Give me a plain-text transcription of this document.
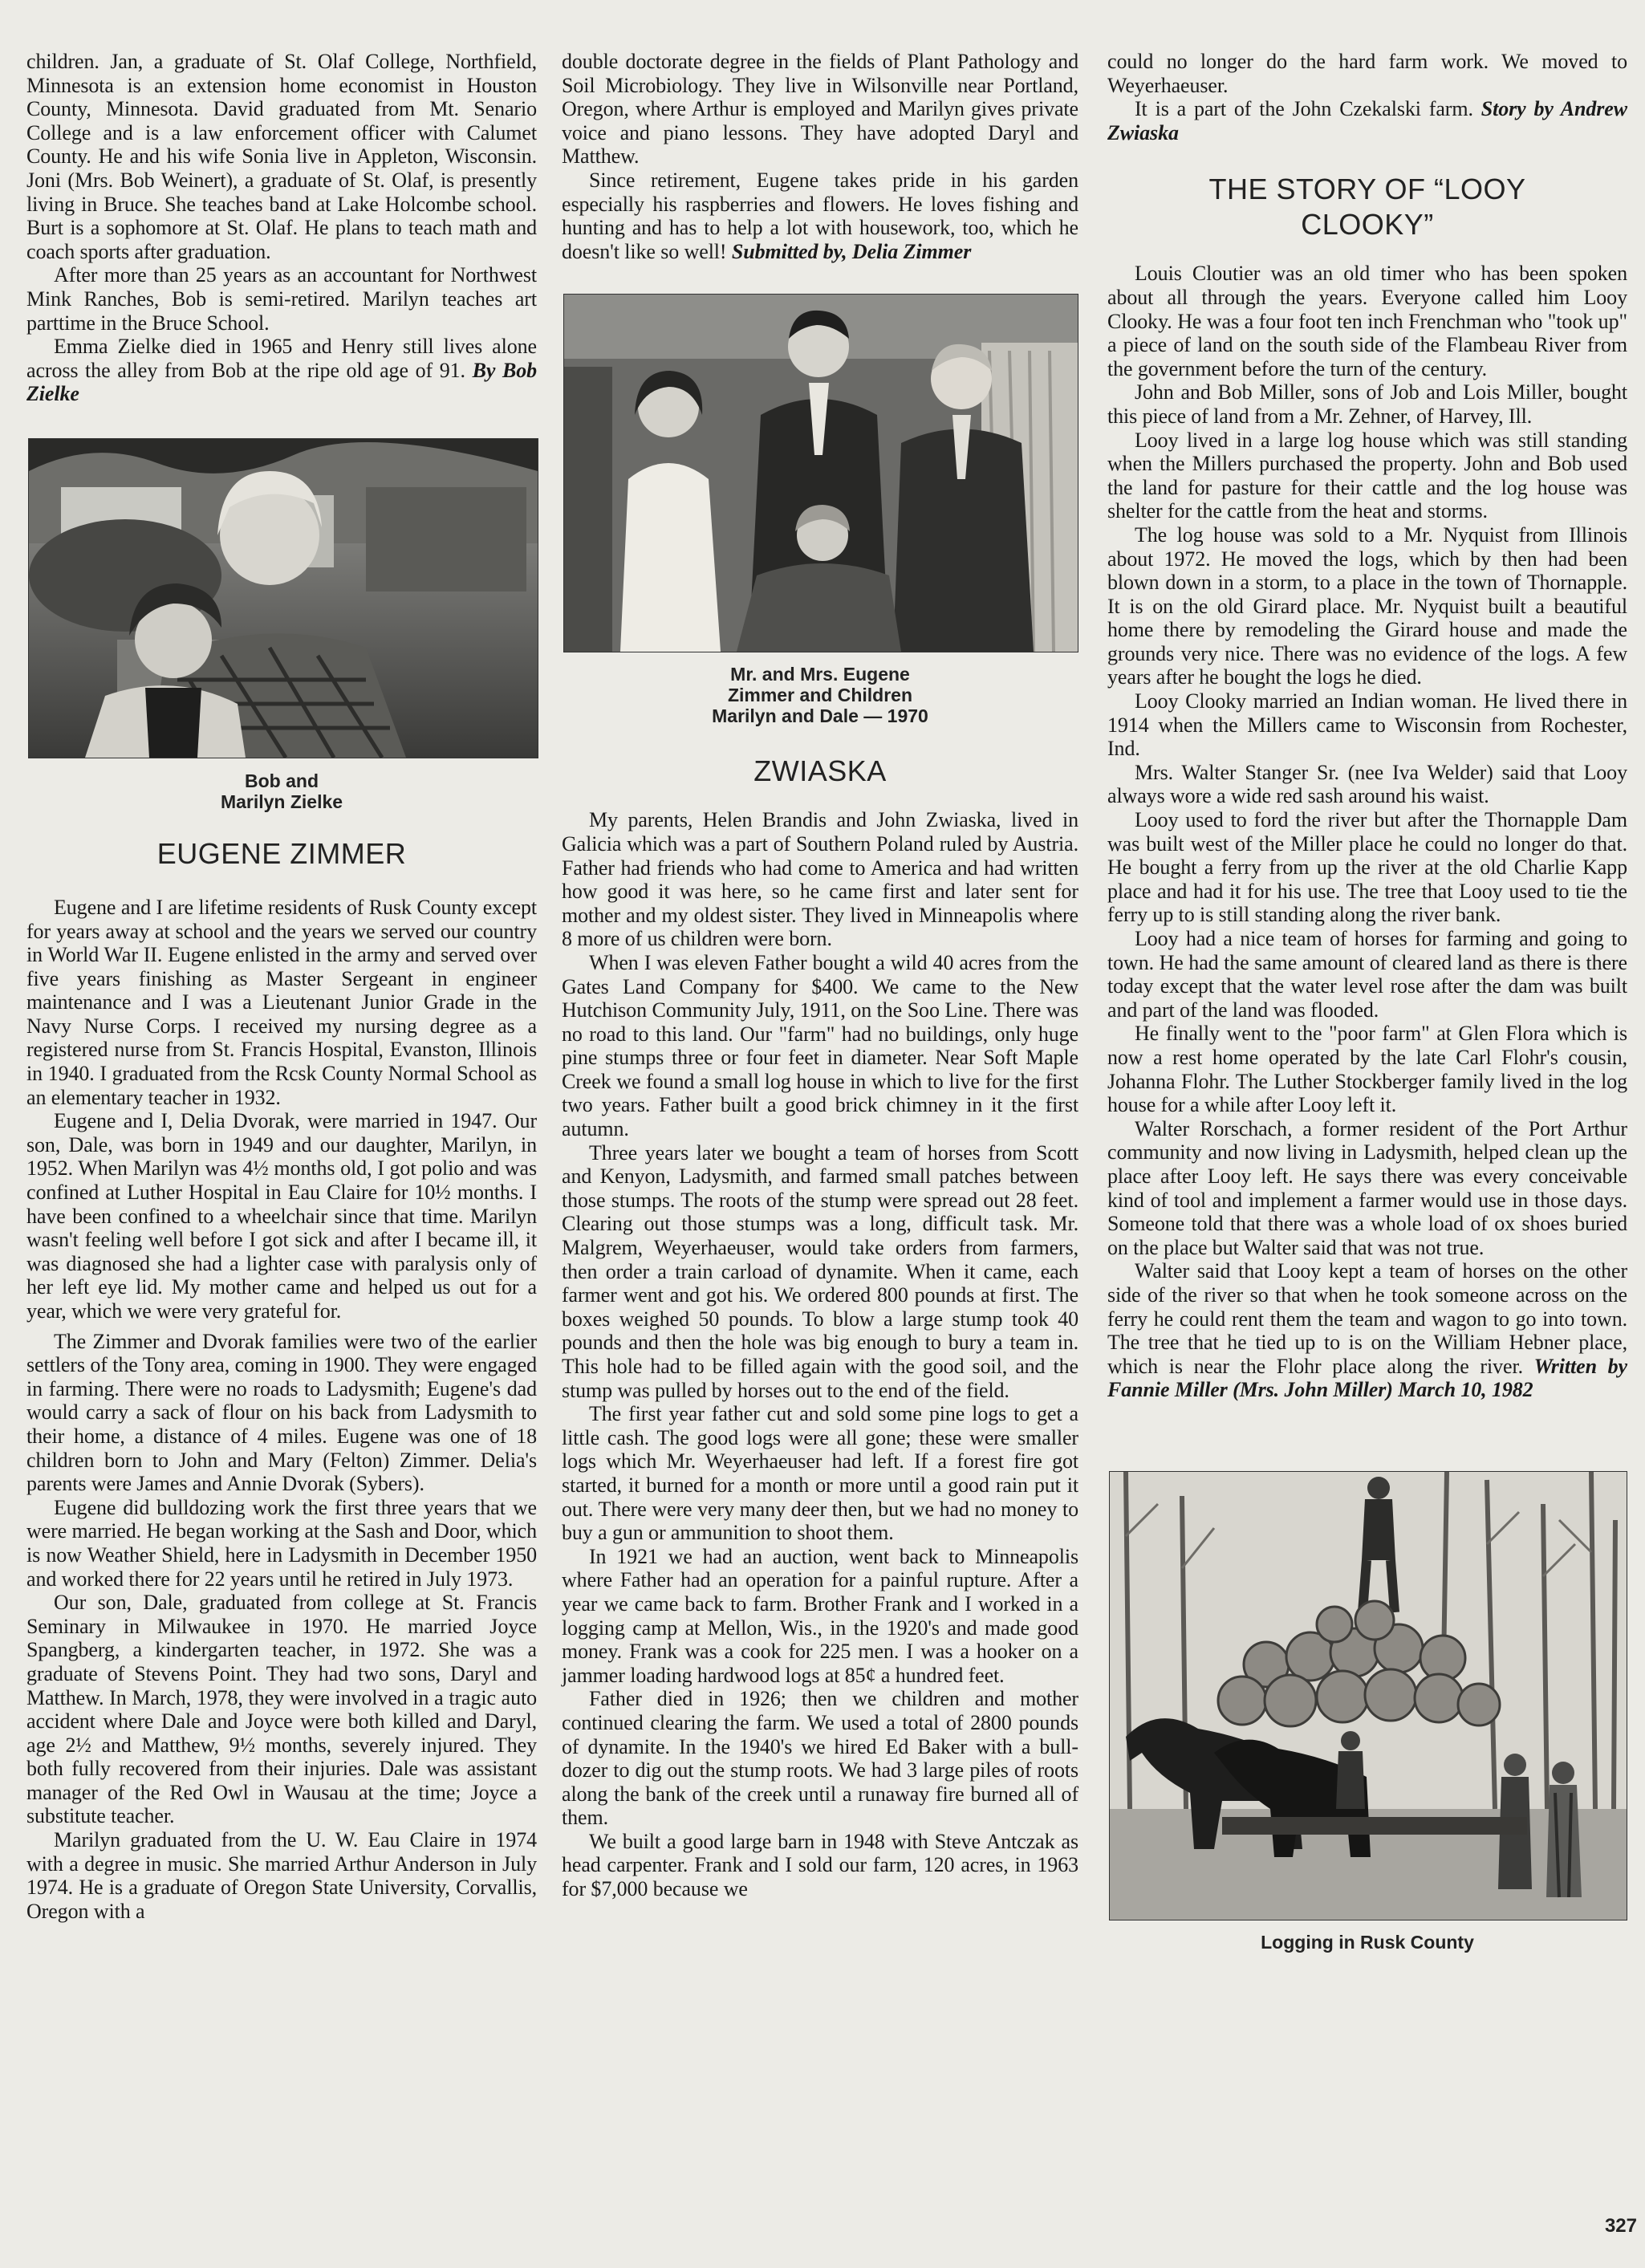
children. Jan, a graduate of St. Olaf College, Northfield, Minnesota is an extension home economist in Houston County, Minnesota. David graduated from Mt. Senario College and is a law enforcement officer with Calumet County. He and his wife Sonia live in Appleton, Wisconsin. Joni (Mrs. Bob Weinert), a graduate of St. Olaf, is presently living in Bruce. She teaches band at Lake Holcombe school. Burt is a sophomore at St. Olaf. He plans to teach math and coach sports after graduation.

After more than 25 years as an accountant for Northwest Mink Ranches, Bob is semi-retired. Marilyn teaches art parttime in the Bruce School.

Emma Zielke died in 1965 and Henry still lives alone across the alley from Bob at the ripe old age of 91. By Bob Zielke

Bob and
Marilyn Zielke
EUGENE ZIMMER

Eugene and I are lifetime residents of Rusk County except for years away at school and the years we served our country in World War II. Eugene enlisted in the army and served over five years finishing as Master Sergeant in engineer maintenance and I was a Lieutenant Junior Grade in the Navy Nurse Corps. I received my nursing degree as a registered nurse from St. Francis Hospital, Evanston, Illinois in 1940. I graduated from the Rcsk County Normal School as an elementary teacher in 1932.

Eugene and I, Delia Dvorak, were married in 1947. Our son, Dale, was born in 1949 and our daughter, Marilyn, in 1952. When Marilyn was 4½ months old, I got polio and was confined at Luther Hospital in Eau Claire for 10½ months. I have been confined to a wheelchair since that time. Marilyn wasn't feeling well before I got sick and after I became ill, it was diagnosed she had a lighter case with paralysis only of her left eye lid. My mother came and helped us out for a year, which we were very grateful for.

The Zimmer and Dvorak families were two of the earlier settlers of the Tony area, coming in 1900. They were engaged in farming. There were no roads to Ladysmith; Eugene's dad would carry a sack of flour on his back from Ladysmith to their home, a distance of 4 miles. Eugene was one of 18 children born to John and Mary (Felton) Zimmer. Delia's parents were James and Annie Dvorak (Sybers).

Eugene did bulldozing work the first three years that we were married. He began working at the Sash and Door, which is now Weather Shield, here in Ladysmith in December 1950 and worked there for 22 years until he retired in July 1973.

Our son, Dale, graduated from college at St. Francis Seminary in Milwaukee in 1970. He married Joyce Spangberg, a kindergarten teacher, in 1972. She was a graduate of Stevens Point. They had two sons, Daryl and Matthew. In March, 1978, they were involved in a tragic auto accident where Dale and Joyce were both killed and Daryl, age 2½ and Matthew, 9½ months, severely injured. They both fully recovered from their injuries. Dale was assistant manager of the Red Owl in Wausau at the time; Joyce a substitute teacher.

Marilyn graduated from the U. W. Eau Claire in 1974 with a degree in music. She married Arthur Anderson in July 1974. He is a graduate of Oregon State University, Corvallis, Oregon with a

double doctorate degree in the fields of Plant Pathology and Soil Microbiology. They live in Wilsonville near Portland, Oregon, where Arthur is employed and Marilyn gives private voice and piano lessons. They have adopted Daryl and Matthew.

Since retirement, Eugene takes pride in his garden especially his raspberries and flowers. He loves fishing and hunting and has to help a lot with housework, too, which he doesn't like so well! Submitted by, Delia Zimmer

Mr. and Mrs. Eugene
Zimmer and Children
Marilyn and Dale — 1970
ZWIASKA

My parents, Helen Brandis and John Zwiaska, lived in Galicia which was a part of Southern Poland ruled by Austria. Father had friends who had come to America and had written how good it was here, so he came first and later sent for mother and my oldest sister. They lived in Minneapolis where 8 more of us children were born.

When I was eleven Father bought a wild 40 acres from the Gates Land Company for $400. We came to the New Hutchison Community July, 1911, on the Soo Line. There was no road to this land. Our "farm" had no buildings, only huge pine stumps three or four feet in diameter. Near Soft Maple Creek we found a small log house in which to live for the first two years. Father built a good brick chimney in it the first autumn.

Three years later we bought a team of horses from Scott and Kenyon, Ladysmith, and farmed small patches between those stumps. The roots of the stump were spread out 28 feet. Clearing out those stumps was a long, difficult task. Mr. Malgrem, Weyerhaeuser, would take orders from farmers, then order a train carload of dynamite. When it came, each farmer went and got his. We ordered 800 pounds at first. The boxes weighed 50 pounds. To blow a large stump took 40 pounds and then the hole was big enough to bury a team in. This hole had to be filled again with the good soil, and the stump was pulled by horses out to the end of the field.

The first year father cut and sold some pine logs to get a little cash. The good logs were all gone; these were smaller logs which Mr. Weyerhaeuser had left. If a forest fire got started, it burned for a month or more until a good rain put it out. There were very many deer then, but we had no money to buy a gun or ammunition to shoot them.

In 1921 we had an auction, went back to Minneapolis where Father had an operation for a painful rupture. After a year we came back to farm. Brother Frank and I worked in a logging camp at Mellon, Wis., in the 1920's and made good money. Frank was a cook for 225 men. I was a hooker on a jammer loading hardwood logs at 85¢ a hundred feet.

Father died in 1926; then we children and mother continued clearing the farm. We used a total of 2800 pounds of dynamite. In the 1940's we hired Ed Baker with a bull-dozer to dig out the stump roots. We had 3 large piles of roots along the bank of the creek until a runaway fire burned all of them.

We built a good large barn in 1948 with Steve Antczak as head carpenter. Frank and I sold our farm, 120 acres, in 1963 for $7,000 because we

could no longer do the hard farm work. We moved to Weyerhaeuser.

It is a part of the John Czekalski farm. Story by Andrew Zwiaska

THE STORY OF “LOOY
CLOOKY”

Louis Cloutier was an old timer who has been spoken about all through the years. Everyone called him Looy Clooky. He was a four foot ten inch Frenchman who "took up" a piece of land on the south side of the Flambeau River from the government before the turn of the century.

John and Bob Miller, sons of Job and Lois Miller, bought this piece of land from a Mr. Zehner, of Harvey, Ill.

Looy lived in a large log house which was still standing when the Millers purchased the property. John and Bob used the land for pasture for their cattle and the log house was shelter for the cattle from the heat and storms.

The log house was sold to a Mr. Nyquist from Illinois about 1972. He moved the logs, which by then had been blown down in a storm, to a place in the town of Thornapple. It is on the old Girard place. Mr. Nyquist built a beautiful home there by remodeling the Girard house and made the grounds very nice. There was no evidence of the logs. A few years after he bought the logs he died.

Looy Clooky married an Indian woman. He lived there in 1914 when the Millers came to Wisconsin from Rochester, Ind.

Mrs. Walter Stanger Sr. (nee Iva Welder) said that Looy always wore a wide red sash around his waist.

Looy used to ford the river but after the Thornapple Dam was built west of the Miller place he could no longer do that. He bought a ferry from up the river at the old Charlie Kapp place and had it for his use. The tree that Looy used to tie the ferry up to is still standing along the river bank.

Looy had a nice team of horses for farming and going to town. He had the same amount of cleared land as there is there today except that the water level rose after the dam was built and part of the land was flooded.

He finally went to the "poor farm" at Glen Flora which is now a rest home operated by the late Carl Flohr's cousin, Johanna Flohr. The Luther Stockberger family lived in the log house for a while after Looy left it.

Walter Rorschach, a former resident of the Port Arthur community and now living in Ladysmith, helped clean up the place after Looy left. He says there was every conceivable kind of tool and implement a farmer would use in those days. Someone told that there was a whole load of ox shoes buried on the place but Walter said that was not true.

Walter said that Looy kept a team of horses on the other side of the river so that when he took someone across on the ferry he could rent them the team and wagon to go into town. The tree that he tied up to is on the William Hebner place, which is near the Flohr place along the river. Written by Fannie Miller (Mrs. John Miller) March 10, 1982

Logging in Rusk County
327
